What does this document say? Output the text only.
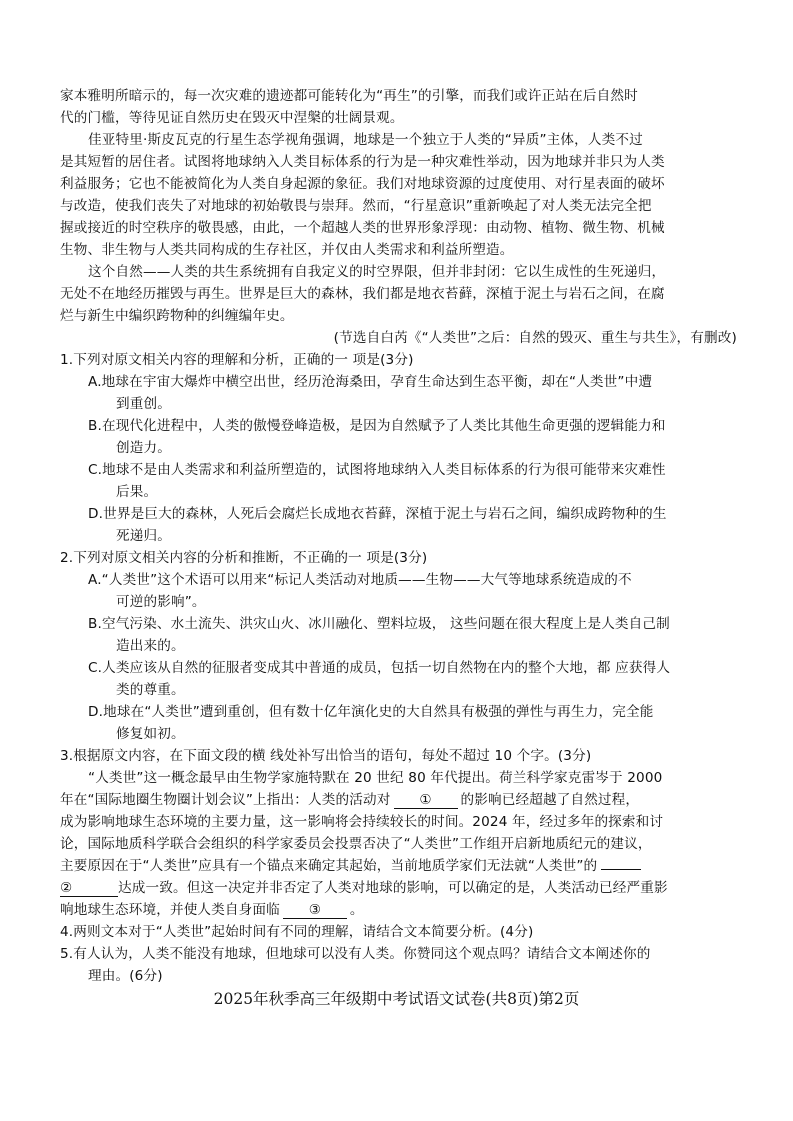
家本雅明所暗示的，每一次灾难的遗迹都可能转化为“再生”的引擎，而我们或许正站在后自然时
代的门槛，等待见证自然历史在毁灭中涅槃的壮阔景观。
佳亚特里·斯皮瓦克的行星生态学视角强调，地球是一个独立于人类的“异质”主体，人类不过
是其短暂的居住者。试图将地球纳入人类目标体系的行为是一种灾难性举动，因为地球并非只为人类
利益服务；它也不能被简化为人类自身起源的象征。我们对地球资源的过度使用、对行星表面的破坏
与改造，使我们丧失了对地球的初始敬畏与崇拜。然而，“行星意识”重新唤起了对人类无法完全把
握或接近的时空秩序的敬畏感，由此，一个超越人类的世界形象浮现：由动物、植物、微生物、机械
生物、非生物与人类共同构成的生存社区，并仅由人类需求和利益所塑造。
这个自然——人类的共生系统拥有自我定义的时空界限，但并非封闭：它以生成性的生死递归，
无处不在地经历摧毁与再生。世界是巨大的森林，我们都是地衣苔藓，深植于泥土与岩石之间，在腐
烂与新生中编织跨物种的纠缠编年史。
(节选自白芮《“人类世”之后：自然的毁灭、重生与共生》，有删改)
1.下列对原文相关内容的理解和分析，正确的一 项是(3分)
A.地球在宇宙大爆炸中横空出世，经历沧海桑田，孕育生命达到生态平衡，却在“人类世”中遭
到重创。
B.在现代化进程中，人类的傲慢登峰造极，是因为自然赋予了人类比其他生命更强的逻辑能力和
创造力。
C.地球不是由人类需求和利益所塑造的，试图将地球纳入人类目标体系的行为很可能带来灾难性
后果。
D.世界是巨大的森林，人死后会腐烂长成地衣苔藓，深植于泥土与岩石之间，编织成跨物种的生
死递归。
2.下列对原文相关内容的分析和推断，不正确的一 项是(3分)
A.“人类世”这个术语可以用来“标记人类活动对地质——生物——大气等地球系统造成的不
可逆的影响”。
B.空气污染、水土流失、洪灾山火、冰川融化、塑料垃圾， 这些问题在很大程度上是人类自己制
造出来的。
C.人类应该从自然的征服者变成其中普通的成员，包括一切自然物在内的整个大地，都 应获得人
类的尊重。
D.地球在“人类世”遭到重创，但有数十亿年演化史的大自然具有极强的弹性与再生力，完全能
修复如初。
3.根据原文内容，在下面文段的横 线处补写出恰当的语句，每处不超过 10 个字。(3分)
“人类世”这一概念最早由生物学家施特默在 20 世纪 80 年代提出。荷兰科学家克雷岑于 2000
年在“国际地圈生物圈计划会议”上指出：人类的活动对 ① 的影响已经超越了自然过程，
成为影响地球生态环境的主要力量，这一影响将会持续较长的时间。2024 年，经过多年的探索和讨
论，国际地质科学联合会组织的科学家委员会投票否决了“人类世”工作组开启新地质纪元的建议，
主要原因在于“人类世”应具有一个锚点来确定其起始，当前地质学家们无法就“人类世”的
②	达成一致。但这一决定并非否定了人类对地球的影响，可以确定的是，人类活动已经严重影
响地球生态环境，并使人类自身面临 ③ 。
4.两则文本对于“人类世”起始时间有不同的理解，请结合文本简要分析。(4分)
5.有人认为，人类不能没有地球，但地球可以没有人类。你赞同这个观点吗？请结合文本阐述你的
理由。(6分)
2025年秋季高三年级期中考试语文试卷(共8页)第2页
